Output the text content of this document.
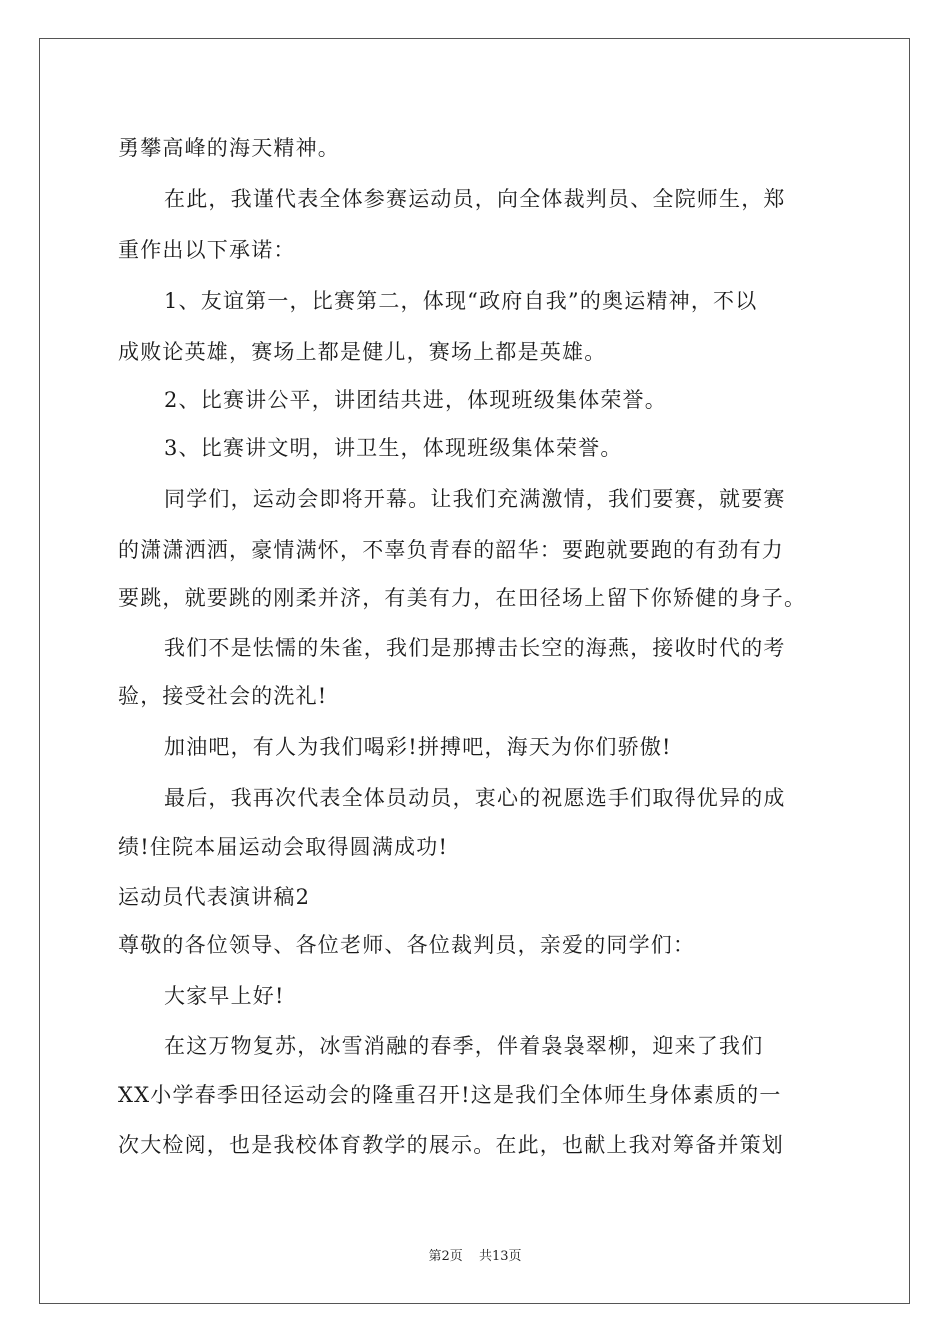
勇攀高峰的海天精神。
在此，我谨代表全体参赛运动员，向全体裁判员、全院师生，郑
重作出以下承诺：
1、友谊第一，比赛第二，体现“政府自我”的奥运精神，不以
成败论英雄，赛场上都是健儿，赛场上都是英雄。
2、比赛讲公平，讲团结共进，体现班级集体荣誉。
3、比赛讲文明，讲卫生，体现班级集体荣誉。
同学们，运动会即将开幕。让我们充满激情，我们要赛，就要赛
的潇潇洒洒，豪情满怀，不辜负青春的韶华：要跑就要跑的有劲有力
要跳，就要跳的刚柔并济，有美有力，在田径场上留下你矫健的身子。
我们不是怯懦的朱雀，我们是那搏击长空的海燕，接收时代的考
验，接受社会的洗礼!
加油吧，有人为我们喝彩!拼搏吧，海天为你们骄傲!
最后，我再次代表全体员动员，衷心的祝愿选手们取得优异的成
绩!住院本届运动会取得圆满成功!
运动员代表演讲稿2
尊敬的各位领导、各位老师、各位裁判员，亲爱的同学们：
大家早上好!
在这万物复苏，冰雪消融的春季，伴着袅袅翠柳，迎来了我们
XX小学春季田径运动会的隆重召开!这是我们全体师生身体素质的一
次大检阅，也是我校体育教学的展示。在此，也献上我对筹备并策划
第2页 共13页
